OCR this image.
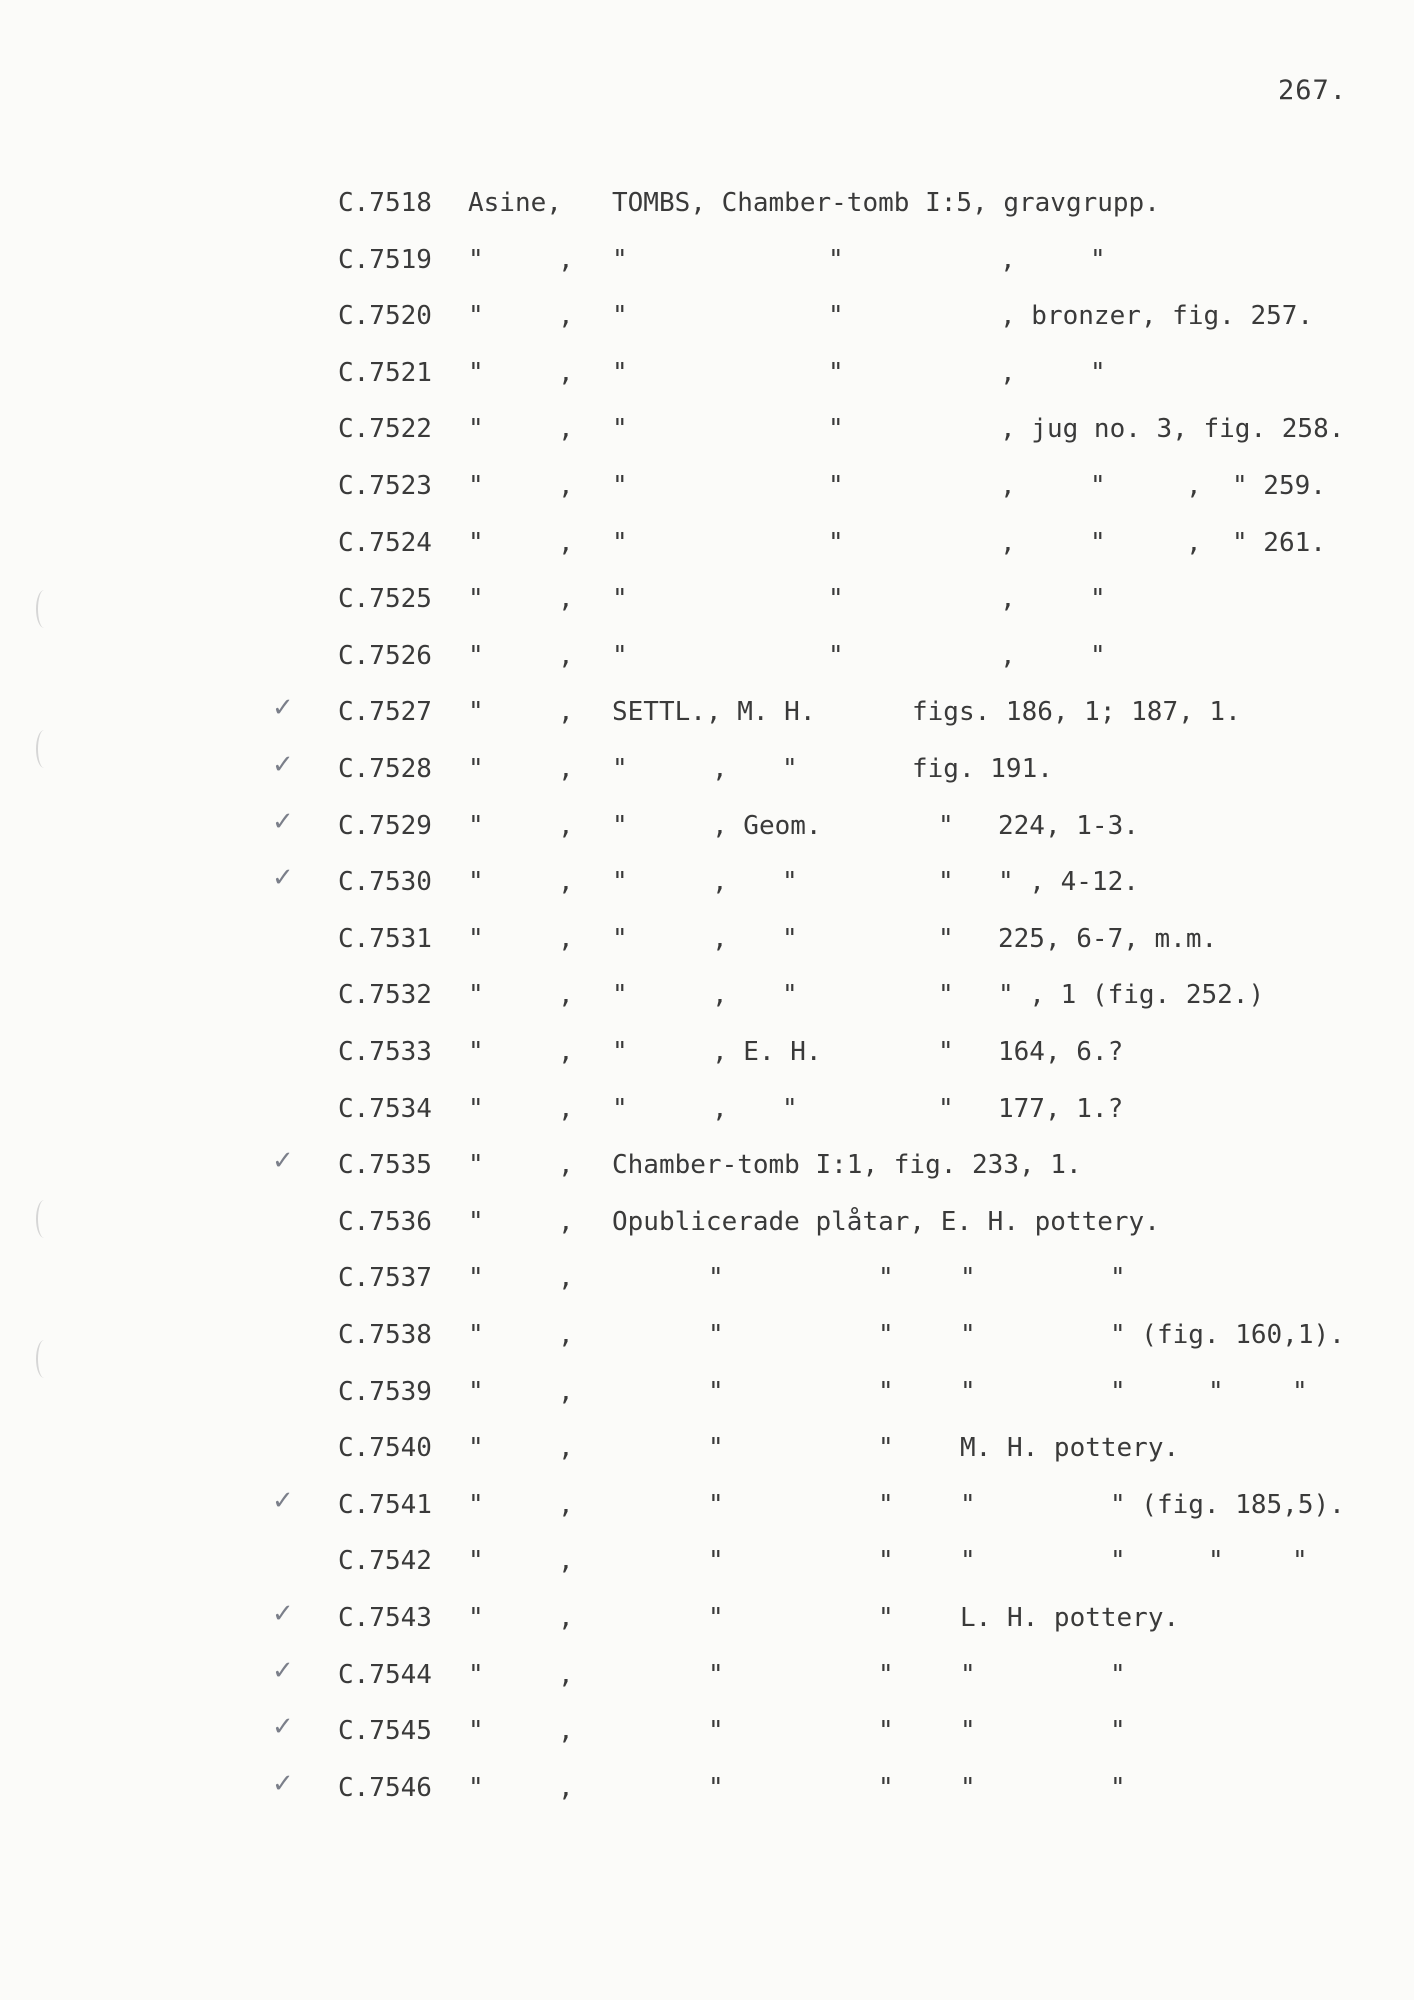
267.
C.7518 Asine, TOMBS, Chamber-tomb I:5, gravgrupp.
C.7519 "	, "	"	,	"
C.7520 "	, "	"	, bronzer, fig. 257.
C.7521 "	, "	"	,	"
C.7522 "	, "	"	, jug no. 3, fig. 258.
C.7523 "	, "	"	,	"	, " 259.
C.7524 "	, "	"	,	"	, " 261.
C.7525 "	, "	"	,	"
C.7526 "	, "	"	,	"
C.7527 "	, SETTL., M. H.	figs. 186, 1; 187, 1.
✓
C.7528 "	, "	, "	fig. 191.
✓
C.7529 "	, "	, Geom.	" 224, 1-3.
✓
C.7530 "	, "	, "	" " , 4-12.
✓
C.7531 "	, "	, "	" 225, 6-7, m.m.
C.7532 "	, "	, "	" " , 1 (fig. 252.)
C.7533 "	, "	, E. H.	" 164, 6.?
C.7534 "	, "	, "	" 177, 1.?
C.7535 "	, Chamber-tomb I:1, fig. 233, 1.
✓
C.7536 "	, Opublicerade plåtar, E. H. pottery.
C.7537 "	,	"	"	"	"
C.7538 "	,	"	"	"	" (fig. 160,1).
C.7539 "	,	"	"	"	"	"	"
C.7540 "	,	"	"	M. H. pottery.
C.7541 "	,	"	"	"	" (fig. 185,5).
✓
C.7542 "	,	"	"	"	"	"	"
C.7543 "	,	"	"	L. H. pottery.
✓
C.7544 "	,	"	"	"	"
✓
C.7545 "	,	"	"	"	"
✓
C.7546 "	,	"	"	"	"
✓
